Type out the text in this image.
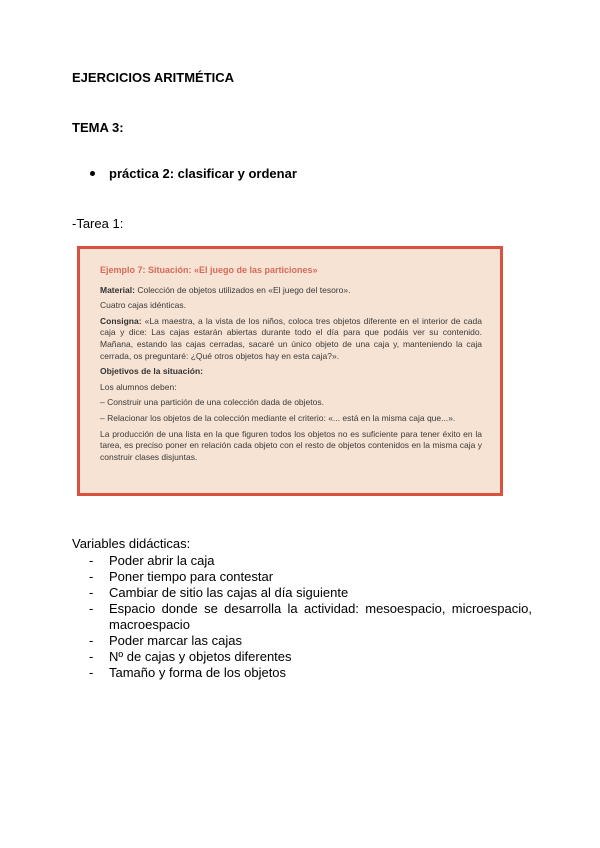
EJERCICIOS ARITMÉTICA
TEMA 3:
práctica 2: clasificar y ordenar
-Tarea 1:
Ejemplo 7: Situación: «El juego de las particiones»

Material: Colección de objetos utilizados en «El juego del tesoro».

Cuatro cajas idénticas.

Consigna: «La maestra, a la vista de los niños, coloca tres objetos diferente en el interior de cada caja y dice: Las cajas estarán abiertas durante todo el día para que podáis ver su contenido. Mañana, estando las cajas cerradas, sacaré un único objeto de una caja y, manteniendo la caja cerrada, os preguntaré: ¿Qué otros objetos hay en esta caja?».

Objetivos de la situación:

Los alumnos deben:

– Construir una partición de una colección dada de objetos.

– Relacionar los objetos de la colección mediante el criterio: «... está en la misma caja que...».

La producción de una lista en la que figuren todos los objetos no es suficiente para tener éxito en la tarea, es preciso poner en relación cada objeto con el resto de objetos contenidos en la misma caja y construir clases disjuntas.

Variables didácticas:
-	Poder abrir la caja
-	Poner tiempo para contestar
-	Cambiar de sitio las cajas al día siguiente
-	Espacio donde se desarrolla la actividad: mesoespacio, microespacio, macroespacio
-	Poder marcar las cajas
-	Nº de cajas y objetos diferentes
-	Tamaño y forma de los objetos
